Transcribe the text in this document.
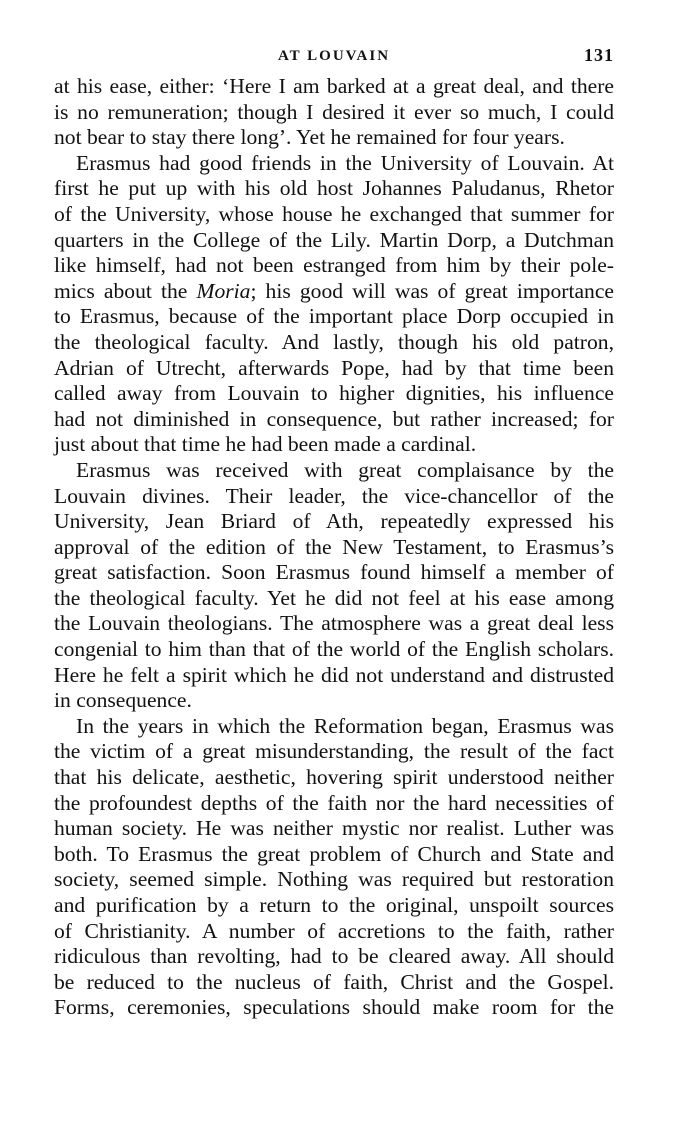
AT LOUVAIN	131
at his ease, either: ‘Here I am barked at a great deal, and there
is no remuneration; though I desired it ever so much, I could
not bear to stay there long’. Yet he remained for four years.
Erasmus had good friends in the University of Louvain. At
first he put up with his old host Johannes Paludanus, Rhetor
of the University, whose house he exchanged that summer for
quarters in the College of the Lily. Martin Dorp, a Dutchman
like himself, had not been estranged from him by their pole-
mics about the Moria; his good will was of great importance
to Erasmus, because of the important place Dorp occupied in
the theological faculty. And lastly, though his old patron,
Adrian of Utrecht, afterwards Pope, had by that time been
called away from Louvain to higher dignities, his influence
had not diminished in consequence, but rather increased; for
just about that time he had been made a cardinal.
Erasmus was received with great complaisance by the
Louvain divines. Their leader, the vice-chancellor of the
University, Jean Briard of Ath, repeatedly expressed his
approval of the edition of the New Testament, to Erasmus’s
great satisfaction. Soon Erasmus found himself a member of
the theological faculty. Yet he did not feel at his ease among
the Louvain theologians. The atmosphere was a great deal less
congenial to him than that of the world of the English scholars.
Here he felt a spirit which he did not understand and distrusted
in consequence.
In the years in which the Reformation began, Erasmus was
the victim of a great misunderstanding, the result of the fact
that his delicate, aesthetic, hovering spirit understood neither
the profoundest depths of the faith nor the hard necessities of
human society. He was neither mystic nor realist. Luther was
both. To Erasmus the great problem of Church and State and
society, seemed simple. Nothing was required but restoration
and purification by a return to the original, unspoilt sources
of Christianity. A number of accretions to the faith, rather
ridiculous than revolting, had to be cleared away. All should
be reduced to the nucleus of faith, Christ and the Gospel.
Forms, ceremonies, speculations should make room for the
